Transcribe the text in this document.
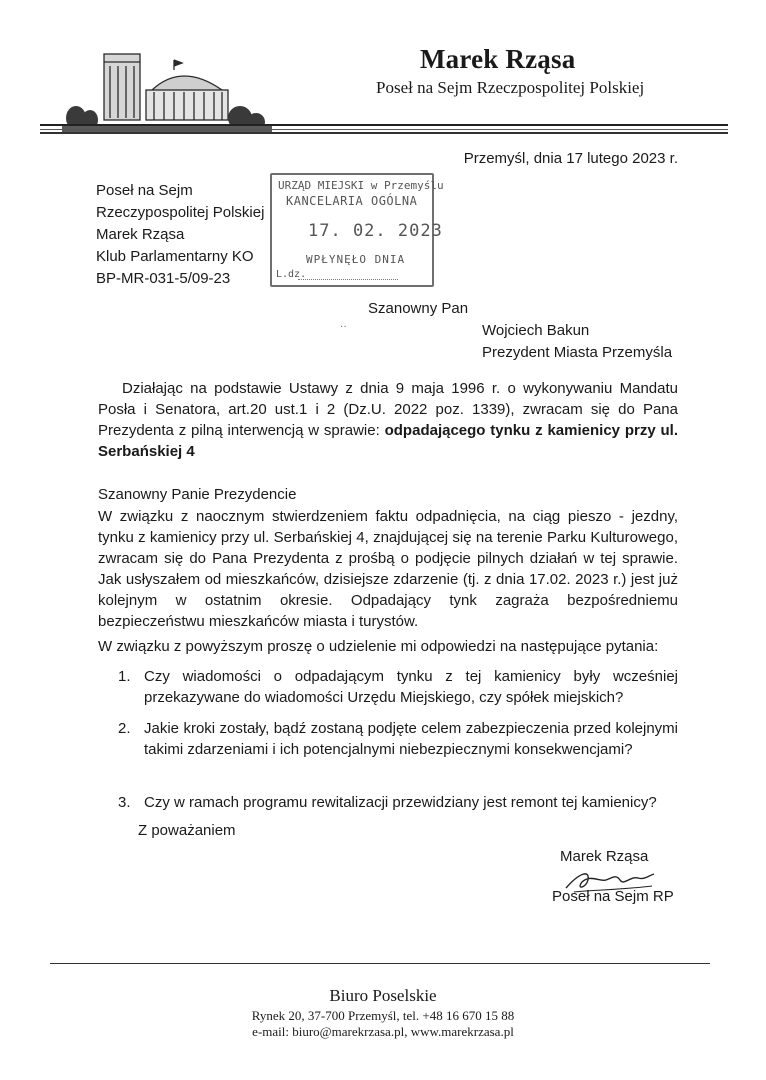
Marek Rząsa
Poseł na Sejm Rzeczpospolitej Polskiej
Przemyśl, dnia 17 lutego 2023 r.
Poseł na Sejm
Rzeczypospolitej Polskiej
Marek Rząsa
Klub Parlamentarny KO
BP-MR-031-5/09-23
URZĄD MIEJSKI w Przemyślu
KANCELARIA OGÓLNA
17. 02. 2023
WPŁYNĘŁO DNIA
L.dz.
Szanowny Pan
··	Wojciech Bakun
Prezydent Miasta Przemyśla
Działając na podstawie Ustawy z dnia 9 maja 1996 r. o wykonywaniu Mandatu Posła i Senatora, art.20 ust.1 i 2 (Dz.U. 2022 poz. 1339), zwracam się do Pana Prezydenta z pilną interwencją w sprawie: odpadającego tynku z kamienicy przy ul. Serbańskiej 4
Szanowny Panie Prezydencie
W związku z naocznym stwierdzeniem faktu odpadnięcia, na ciąg pieszo - jezdny, tynku z kamienicy przy ul. Serbańskiej 4, znajdującej się na terenie Parku Kulturowego, zwracam się do Pana Prezydenta z prośbą o podjęcie pilnych działań w tej sprawie. Jak usłyszałem od mieszkańców, dzisiejsze zdarzenie (tj. z dnia 17.02. 2023 r.) jest już kolejnym w ostatnim okresie. Odpadający tynk zagraża bezpośredniemu bezpieczeństwu mieszkańców miasta i turystów.
W związku z powyższym proszę o udzielenie mi odpowiedzi na następujące pytania:
1. Czy wiadomości o odpadającym tynku z tej kamienicy były wcześniej przekazywane do wiadomości Urzędu Miejskiego, czy spółek miejskich?
2. Jakie kroki zostały, bądź zostaną podjęte celem zabezpieczenia przed kolejnymi takimi zdarzeniami i ich potencjalnymi niebezpiecznymi konsekwencjami?
3. Czy w ramach programu rewitalizacji przewidziany jest remont tej kamienicy?
Z poważaniem
Marek Rząsa
Poseł na Sejm RP
Biuro Poselskie
Rynek 20, 37-700 Przemyśl, tel. +48 16 670 15 88
e-mail: biuro@marekrzasa.pl, www.marekrzasa.pl
